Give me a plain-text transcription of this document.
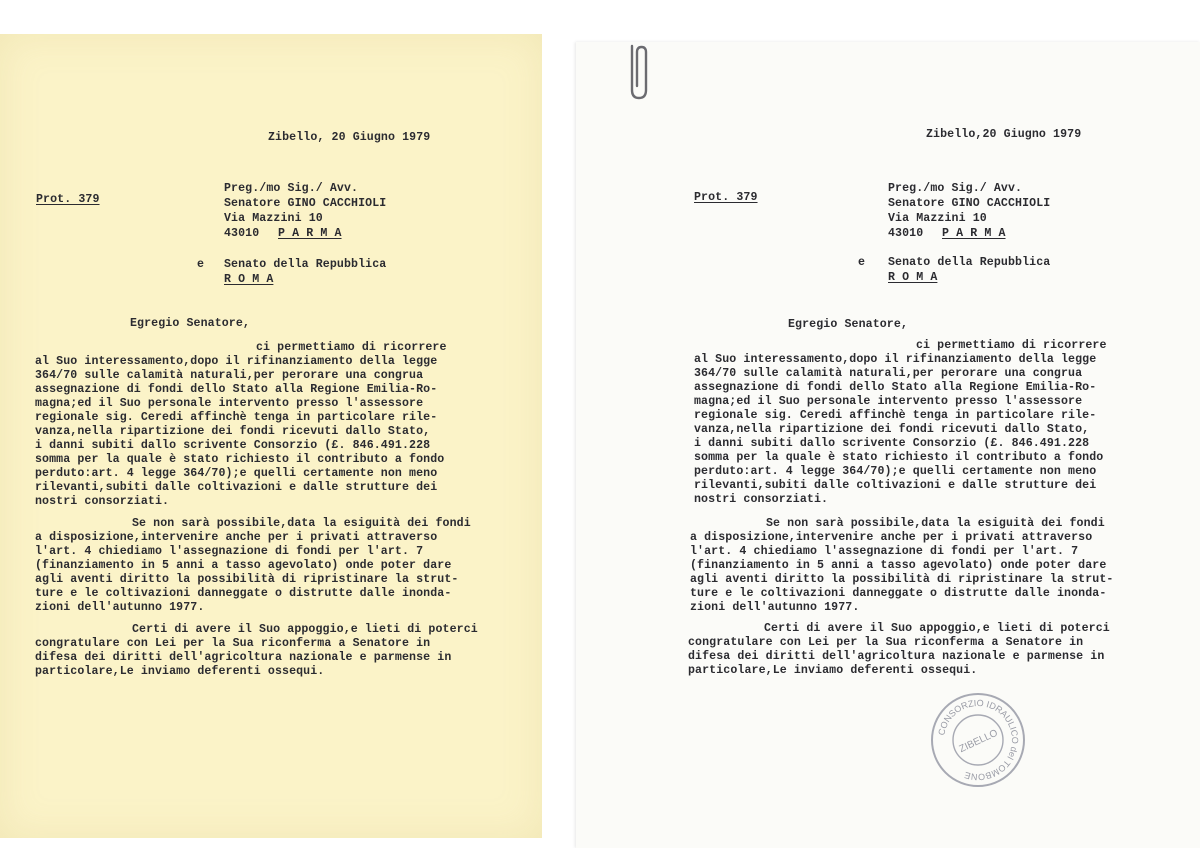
Zibello, 20 Giugno 1979
Prot. 379
Preg./mo Sig./ Avv.
Senatore GINO CACCHIOLI
Via Mazzini 10
43010 P A R M A
e Senato della Repubblica
R O M A
Egregio Senatore,
ci permettiamo di ricorrere
al Suo interessamento,dopo il rifinanziamento della legge
364/70 sulle calamità naturali,per perorare una congrua
assegnazione di fondi dello Stato alla Regione Emilia-Ro-
magna;ed il Suo personale intervento presso l'assessore
regionale sig. Ceredi affinchè tenga in particolare rile-
vanza,nella ripartizione dei fondi ricevuti dallo Stato,
i danni subiti dallo scrivente Consorzio (£. 846.491.228
somma per la quale è stato richiesto il contributo a fondo
perduto:art. 4 legge 364/70);e quelli certamente non meno
rilevanti,subiti dalle coltivazioni e dalle strutture dei
nostri consorziati.
Se non sarà possibile,data la esiguità dei fondi
a disposizione,intervenire anche per i privati attraverso
l'art. 4 chiediamo l'assegnazione di fondi per l'art. 7
(finanziamento in 5 anni a tasso agevolato) onde poter dare
agli aventi diritto la possibilità di ripristinare la strut-
ture e le coltivazioni danneggate o distrutte dalle inonda-
zioni dell'autunno 1977.
Certi di avere il Suo appoggio,e lieti di poterci
congratulare con Lei per la Sua riconferma a Senatore in
difesa dei diritti dell'agricoltura nazionale e parmense in
particolare,Le inviamo deferenti ossequi.
Zibello,20 Giugno 1979
Prot. 379
Preg./mo Sig./ Avv.
Senatore GINO CACCHIOLI
Via Mazzini 10
43010 P A R M A
e Senato della Repubblica
R O M A
Egregio Senatore,
ci permettiamo di ricorrere
al Suo interessamento,dopo il rifinanziamento della legge
364/70 sulle calamità naturali,per perorare una congrua
assegnazione di fondi dello Stato alla Regione Emilia-Ro-
magna;ed il Suo personale intervento presso l'assessore
regionale sig. Ceredi affinchè tenga in particolare rile-
vanza,nella ripartizione dei fondi ricevuti dallo Stato,
i danni subiti dallo scrivente Consorzio (£. 846.491.228
somma per la quale è stato richiesto il contributo a fondo
perduto:art. 4 legge 364/70);e quelli certamente non meno
rilevanti,subiti dalle coltivazioni e dalle strutture dei
nostri consorziati.
Se non sarà possibile,data la esiguità dei fondi
a disposizione,intervenire anche per i privati attraverso
l'art. 4 chiediamo l'assegnazione di fondi per l'art. 7
(finanziamento in 5 anni a tasso agevolato) onde poter dare
agli aventi diritto la possibilità di ripristinare la strut-
ture e le coltivazioni danneggate o distrutte dalle inonda-
zioni dell'autunno 1977.
Certi di avere il Suo appoggio,e lieti di poterci
congratulare con Lei per la Sua riconferma a Senatore in
difesa dei diritti dell'agricoltura nazionale e parmense in
particolare,Le inviamo deferenti ossequi.
CONSORZIO IDRAULICO del TOMBONE
ZIBELLO
